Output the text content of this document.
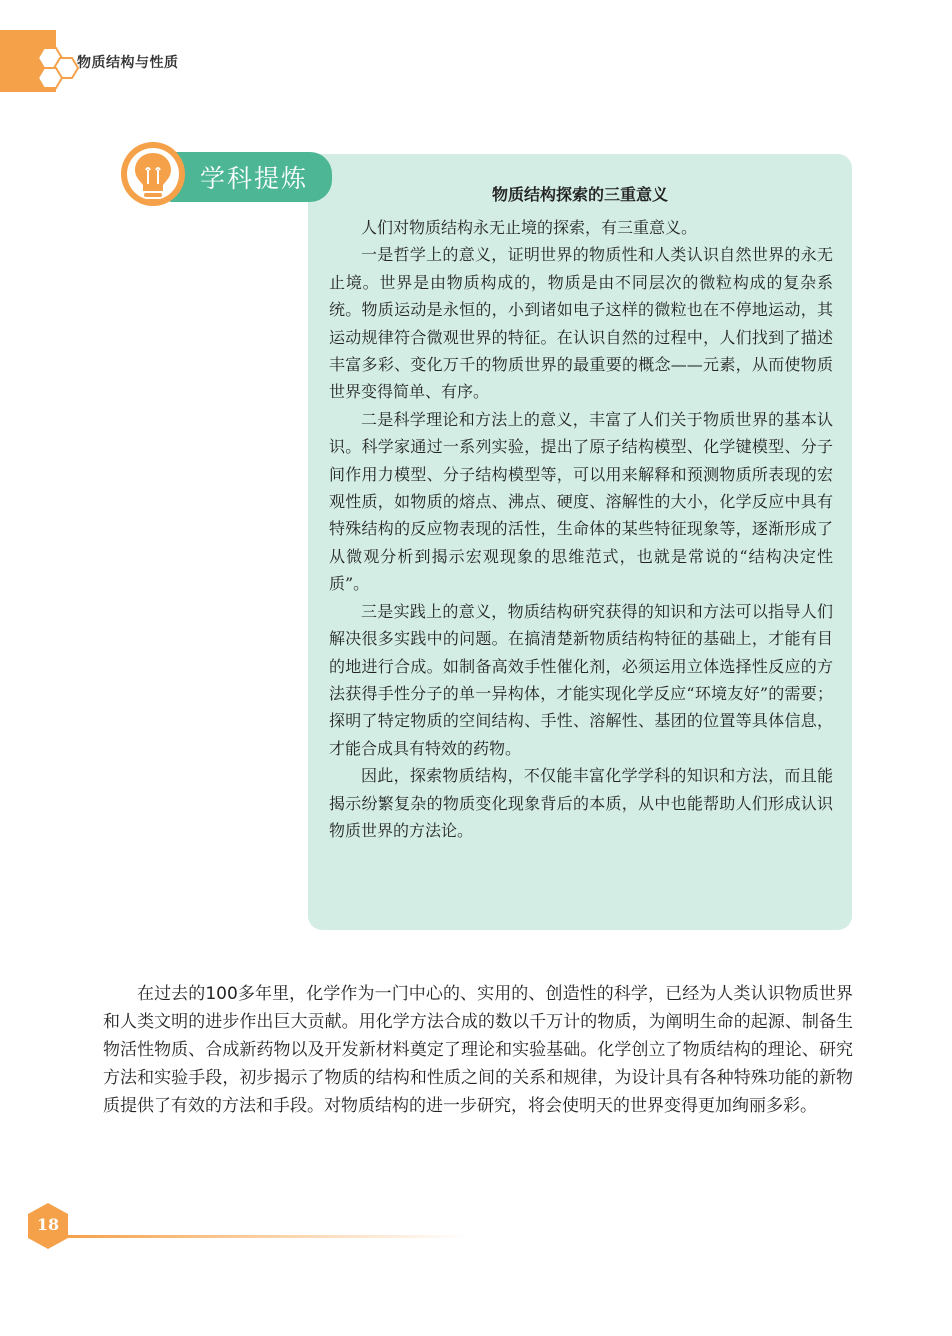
物质结构与性质
学科提炼
物质结构探索的三重意义

人们对物质结构永无止境的探索，有三重意义。

一是哲学上的意义，证明世界的物质性和人类认识自然世界的永无止境。世界是由物质构成的，物质是由不同层次的微粒构成的复杂系统。物质运动是永恒的，小到诸如电子这样的微粒也在不停地运动，其运动规律符合微观世界的特征。在认识自然的过程中，人们找到了描述丰富多彩、变化万千的物质世界的最重要的概念——元素，从而使物质世界变得简单、有序。

二是科学理论和方法上的意义，丰富了人们关于物质世界的基本认识。科学家通过一系列实验，提出了原子结构模型、化学键模型、分子间作用力模型、分子结构模型等，可以用来解释和预测物质所表现的宏观性质，如物质的熔点、沸点、硬度、溶解性的大小，化学反应中具有特殊结构的反应物表现的活性，生命体的某些特征现象等，逐渐形成了从微观分析到揭示宏观现象的思维范式，也就是常说的“结构决定性质”。

三是实践上的意义，物质结构研究获得的知识和方法可以指导人们解决很多实践中的问题。在搞清楚新物质结构特征的基础上，才能有目的地进行合成。如制备高效手性催化剂，必须运用立体选择性反应的方法获得手性分子的单一异构体，才能实现化学反应“环境友好”的需要；探明了特定物质的空间结构、手性、溶解性、基团的位置等具体信息，才能合成具有特效的药物。

因此，探索物质结构，不仅能丰富化学学科的知识和方法，而且能揭示纷繁复杂的物质变化现象背后的本质，从中也能帮助人们形成认识物质世界的方法论。

在过去的100多年里，化学作为一门中心的、实用的、创造性的科学，已经为人类认识物质世界和人类文明的进步作出巨大贡献。用化学方法合成的数以千万计的物质，为阐明生命的起源、制备生物活性物质、合成新药物以及开发新材料奠定了理论和实验基础。化学创立了物质结构的理论、研究方法和实验手段，初步揭示了物质的结构和性质之间的关系和规律，为设计具有各种特殊功能的新物质提供了有效的方法和手段。对物质结构的进一步研究，将会使明天的世界变得更加绚丽多彩。

18
